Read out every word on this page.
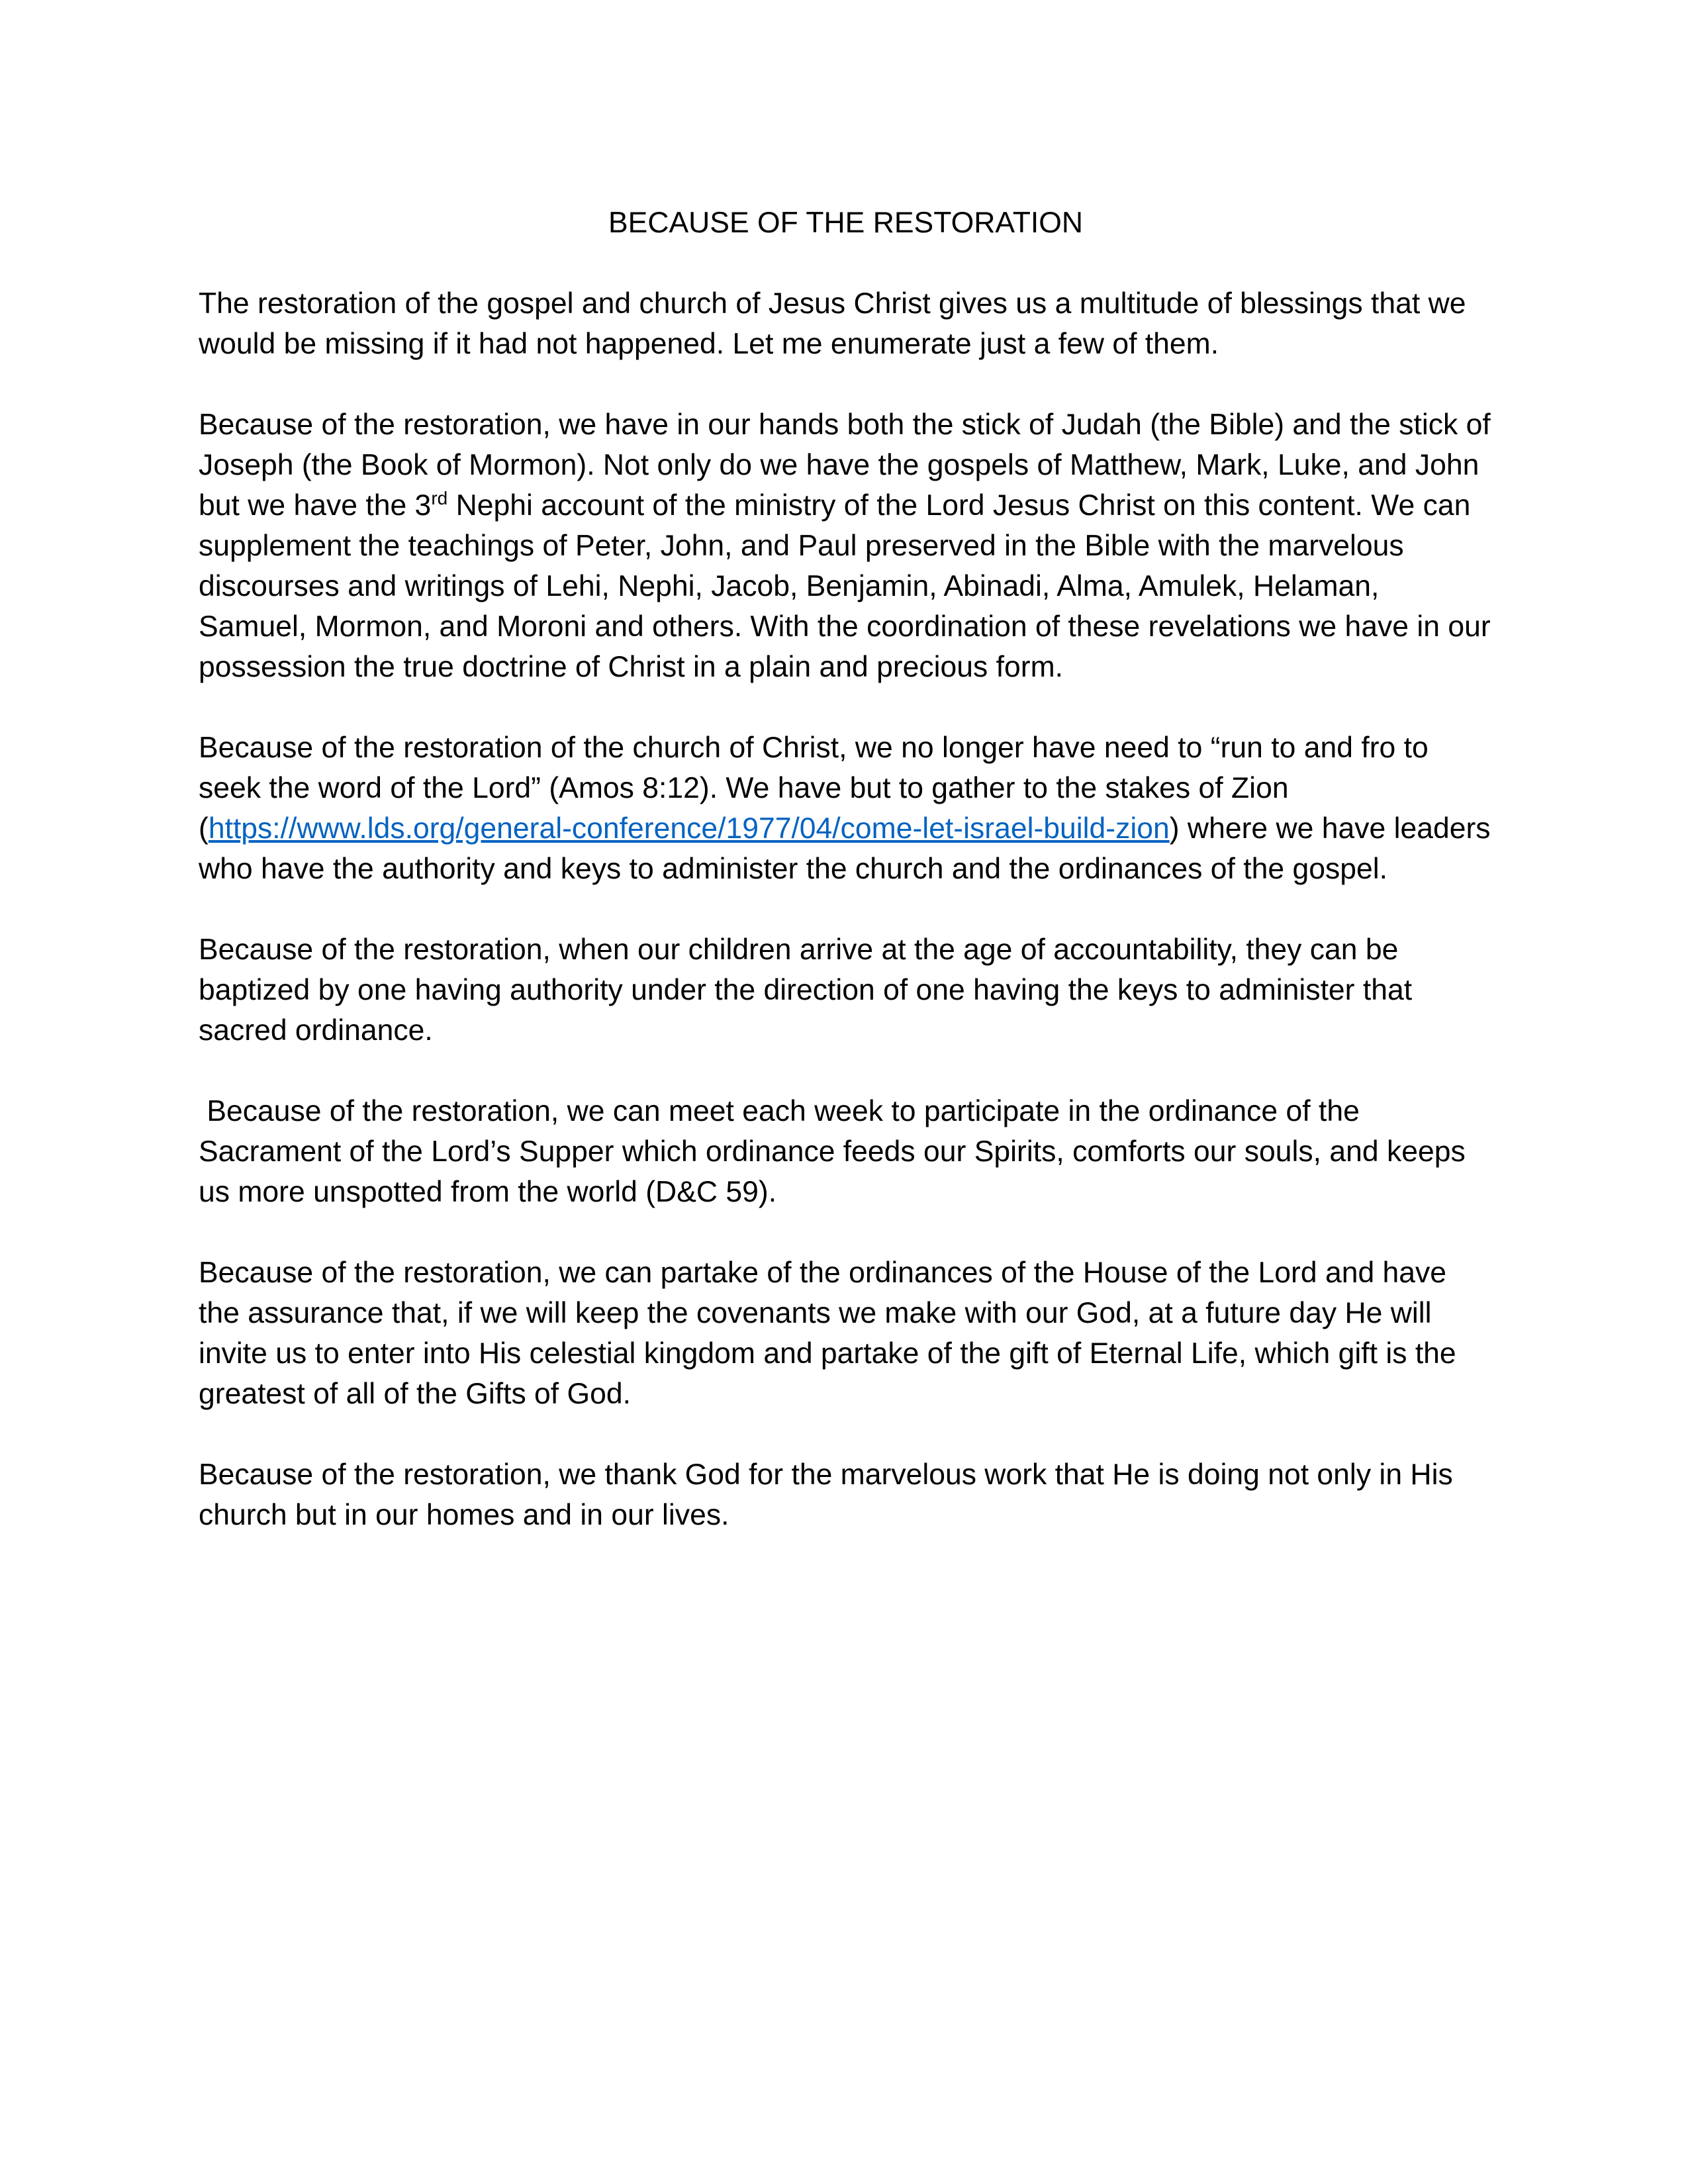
BECAUSE OF THE RESTORATION

The restoration of the gospel and church of Jesus Christ gives us a multitude of blessings that we would be missing if it had not happened. Let me enumerate just a few of them.

Because of the restoration, we have in our hands both the stick of Judah (the Bible) and the stick of Joseph (the Book of Mormon). Not only do we have the gospels of Matthew, Mark, Luke, and John but we have the 3rd Nephi account of the ministry of the Lord Jesus Christ on this content. We can supplement the teachings of Peter, John, and Paul preserved in the Bible with the marvelous discourses and writings of Lehi, Nephi, Jacob, Benjamin, Abinadi, Alma, Amulek, Helaman, Samuel, Mormon, and Moroni and others. With the coordination of these revelations we have in our possession the true doctrine of Christ in a plain and precious form.

Because of the restoration of the church of Christ, we no longer have need to “run to and fro to seek the word of the Lord” (Amos 8:12). We have but to gather to the stakes of Zion (https://www.lds.org/general-conference/1977/04/come-let-israel-build-zion) where we have leaders who have the authority and keys to administer the church and the ordinances of the gospel.

Because of the restoration, when our children arrive at the age of accountability, they can be baptized by one having authority under the direction of one having the keys to administer that sacred ordinance.

Because of the restoration, we can meet each week to participate in the ordinance of the Sacrament of the Lord’s Supper which ordinance feeds our Spirits, comforts our souls, and keeps us more unspotted from the world (D&C 59).

Because of the restoration, we can partake of the ordinances of the House of the Lord and have the assurance that, if we will keep the covenants we make with our God, at a future day He will invite us to enter into His celestial kingdom and partake of the gift of Eternal Life, which gift is the greatest of all of the Gifts of God.

Because of the restoration, we thank God for the marvelous work that He is doing not only in His church but in our homes and in our lives.
